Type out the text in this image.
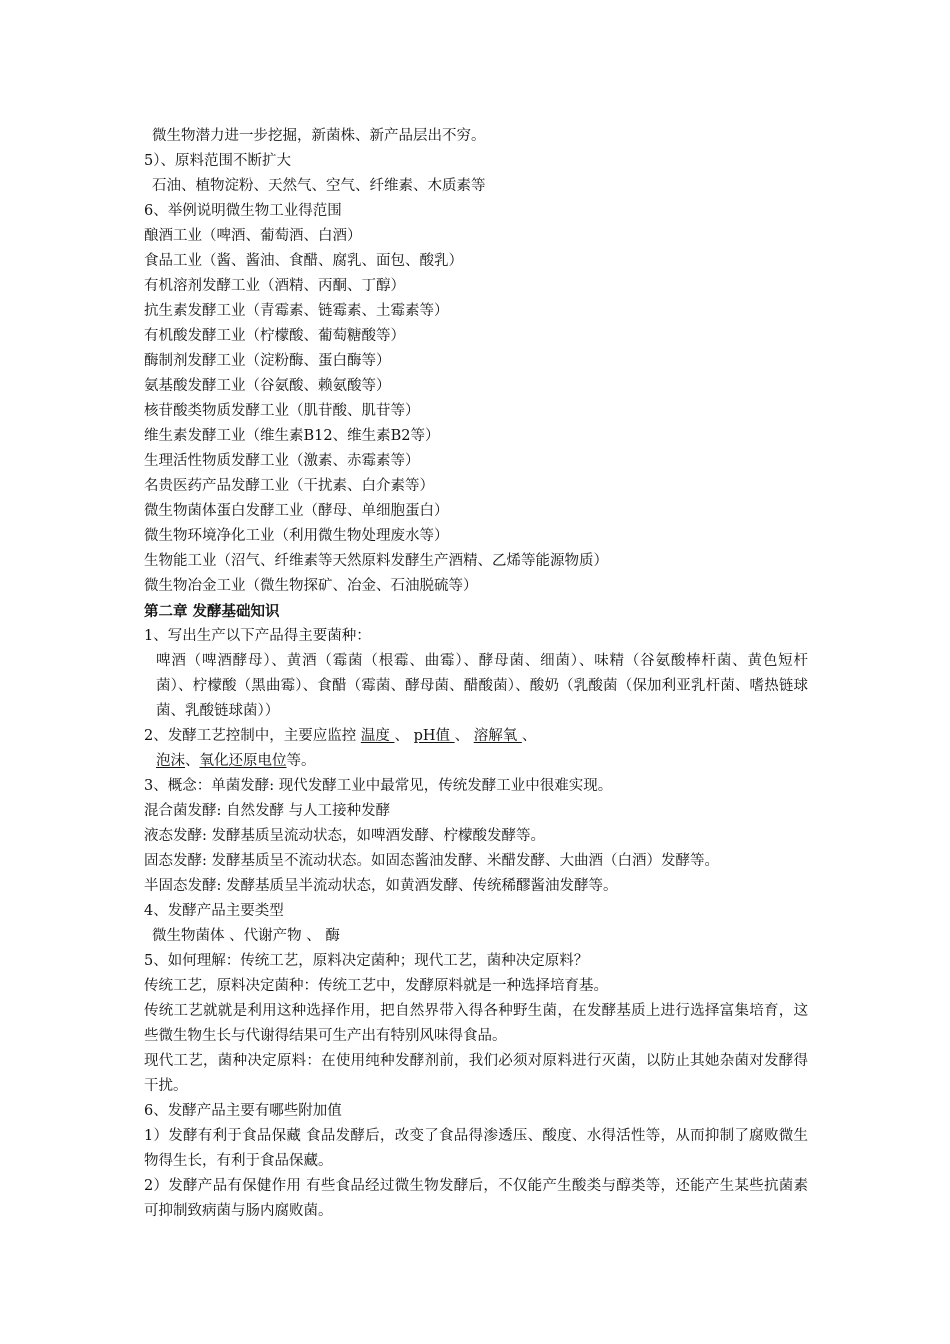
微生物潜力进一步挖掘，新菌株、新产品层出不穷。
5）、原料范围不断扩大
石油、植物淀粉、天然气、空气、纤维素、木质素等
6、举例说明微生物工业得范围
酿酒工业（啤酒、葡萄酒、白酒）
食品工业（酱、酱油、食醋、腐乳、面包、酸乳）
有机溶剂发酵工业（酒精、丙酮、丁醇）
抗生素发酵工业（青霉素、链霉素、土霉素等）
有机酸发酵工业（柠檬酸、葡萄糖酸等）
酶制剂发酵工业（淀粉酶、蛋白酶等）
氨基酸发酵工业（谷氨酸、赖氨酸等）
核苷酸类物质发酵工业（肌苷酸、肌苷等）
维生素发酵工业（维生素B12、维生素B2等）
生理活性物质发酵工业（激素、赤霉素等）
名贵医药产品发酵工业（干扰素、白介素等）
微生物菌体蛋白发酵工业（酵母、单细胞蛋白）
微生物环境净化工业（利用微生物处理废水等）
生物能工业（沼气、纤维素等天然原料发酵生产酒精、乙烯等能源物质）
微生物冶金工业（微生物探矿、冶金、石油脱硫等）
第二章 发酵基础知识
1、写出生产以下产品得主要菌种：
啤酒（啤酒酵母）、黄酒（霉菌（根霉、曲霉）、酵母菌、细菌）、味精（谷氨酸棒杆菌、黄色短杆菌）、柠檬酸（黑曲霉）、食醋（霉菌、酵母菌、醋酸菌）、酸奶（乳酸菌（保加利亚乳杆菌、嗜热链球菌、乳酸链球菌））
2、发酵工艺控制中，主要应监控 温度 、 pH值 、 溶解氧 、
泡沫、氧化还原电位等。
3、概念：单菌发酵: 现代发酵工业中最常见，传统发酵工业中很难实现。
混合菌发酵: 自然发酵 与人工接种发酵
液态发酵: 发酵基质呈流动状态，如啤酒发酵、柠檬酸发酵等。
固态发酵: 发酵基质呈不流动状态。如固态酱油发酵、米醋发酵、大曲酒（白酒）发酵等。
半固态发酵: 发酵基质呈半流动状态，如黄酒发酵、传统稀醪酱油发酵等。
4、发酵产品主要类型
微生物菌体 、代谢产物 、 酶
5、如何理解：传统工艺，原料决定菌种；现代工艺，菌种决定原料？
传统工艺，原料决定菌种：传统工艺中，发酵原料就是一种选择培育基。
传统工艺就就是利用这种选择作用，把自然界带入得各种野生菌，在发酵基质上进行选择富集培育，这些微生物生长与代谢得结果可生产出有特别风味得食品。
现代工艺，菌种决定原料：在使用纯种发酵剂前，我们必须对原料进行灭菌，以防止其她杂菌对发酵得干扰。
6、发酵产品主要有哪些附加值
1）发酵有利于食品保藏 食品发酵后，改变了食品得渗透压、酸度、水得活性等，从而抑制了腐败微生物得生长，有利于食品保藏。
2）发酵产品有保健作用 有些食品经过微生物发酵后，不仅能产生酸类与醇类等，还能产生某些抗菌素可抑制致病菌与肠内腐败菌。
